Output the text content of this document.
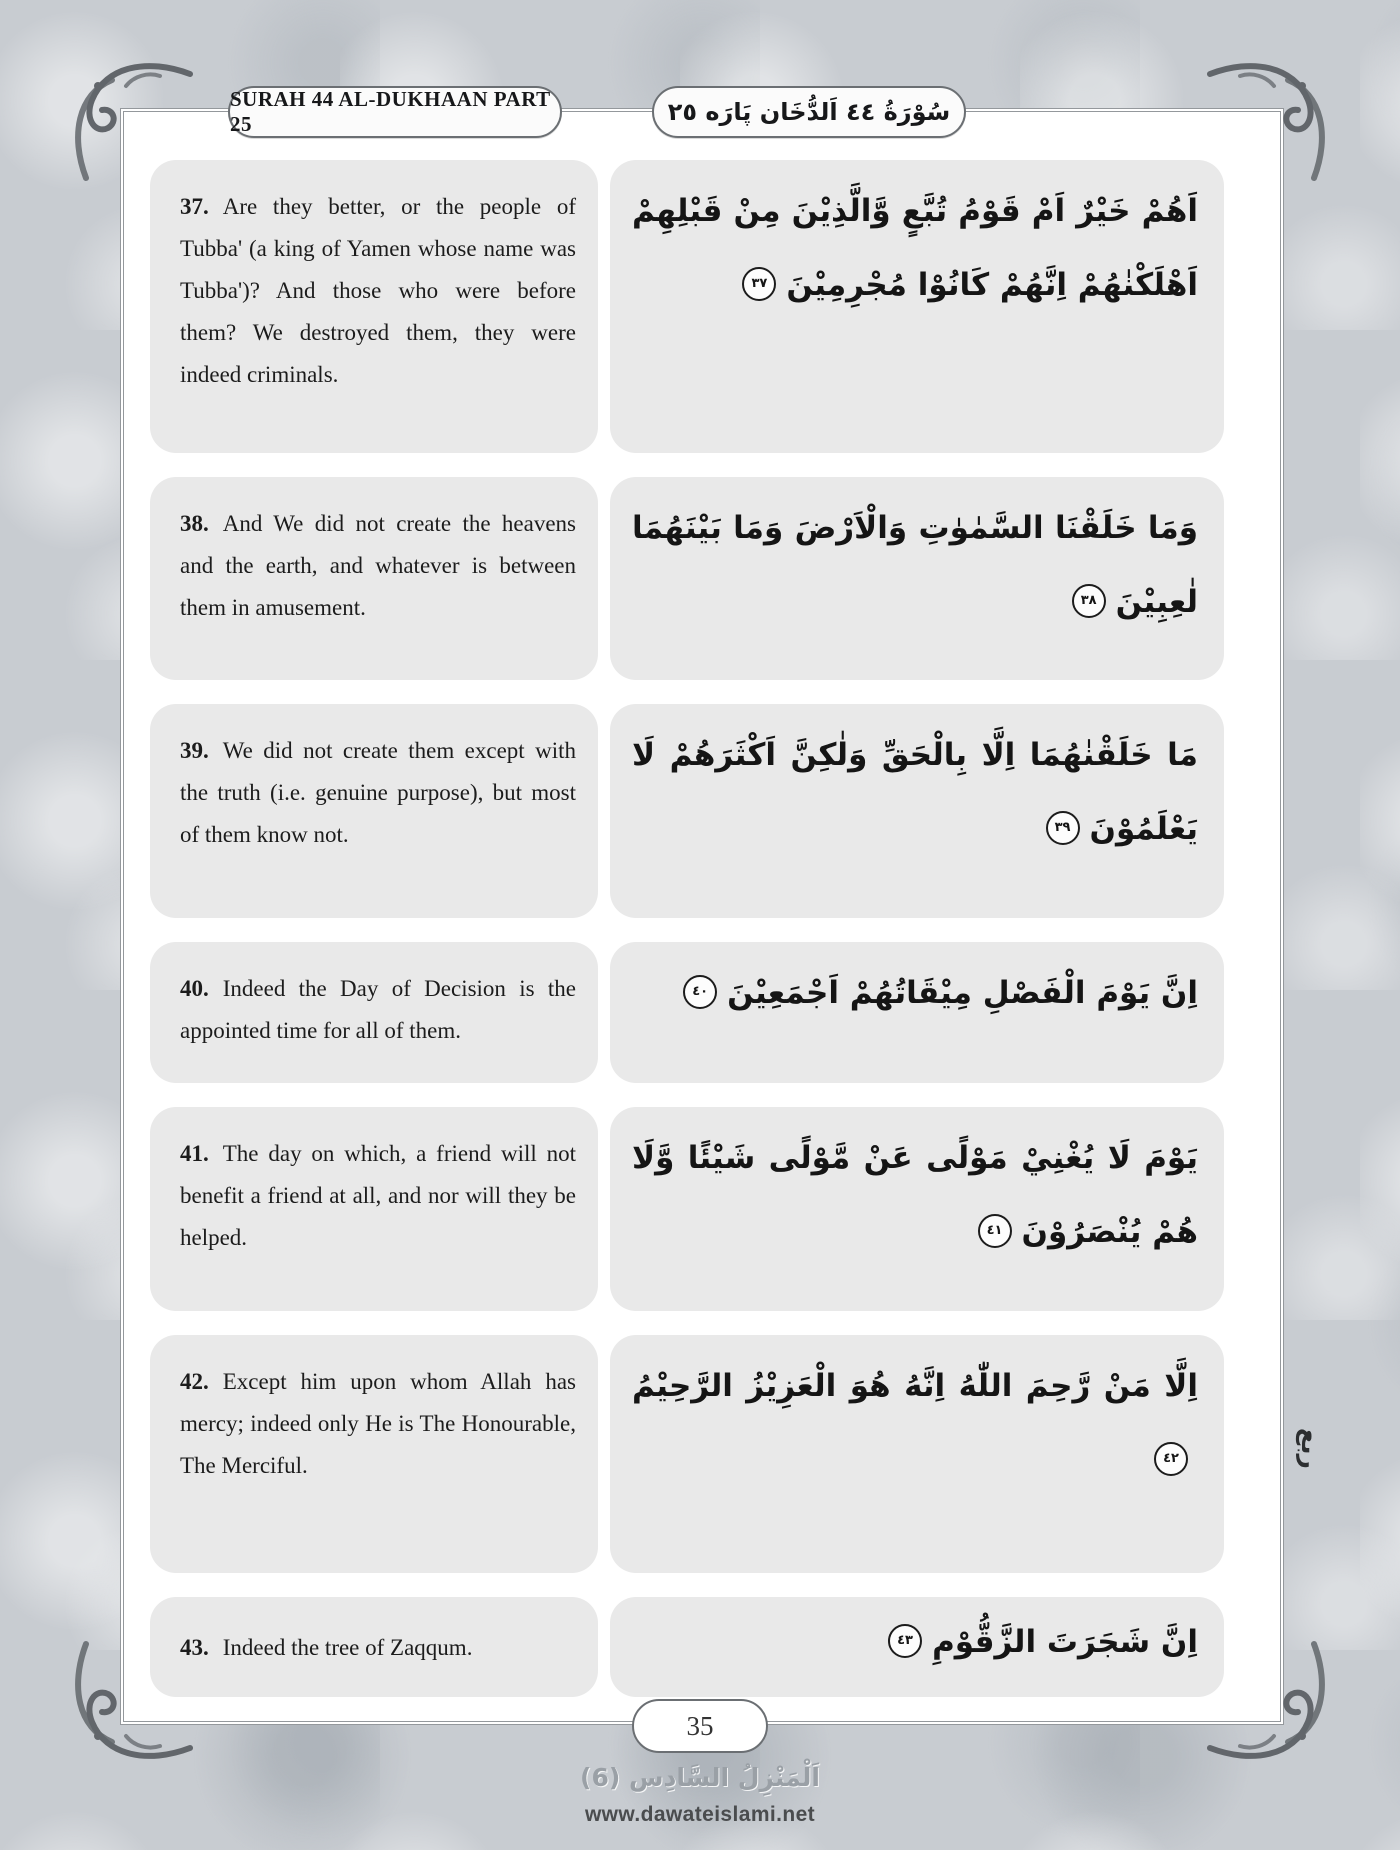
SURAH 44 AL-DUKHAAN PART 25	سُوْرَةُ ٤٤ اَلدُّخَان پَارَه ٢٥
37. Are they better, or the people of Tubba' (a king of Yamen whose name was Tubba')? And those who were before them? We destroyed them, they were indeed criminals.
اَهُمْ خَيْرٌ اَمْ قَوْمُ تُبَّعٍ وَّالَّذِيْنَ مِنْ قَبْلِهِمْ اَهْلَكْنٰهُمْ اِنَّهُمْ كَانُوْا مُجْرِمِيْنَ٣٧
38. And We did not create the heavens and the earth, and whatever is between them in amusement.
وَمَا خَلَقْنَا السَّمٰوٰتِ وَالْاَرْضَ وَمَا بَيْنَهُمَا لٰعِبِيْنَ٣٨
39. We did not create them except with the truth (i.e. genuine purpose), but most of them know not.
مَا خَلَقْنٰهُمَا اِلَّا بِالْحَقِّ وَلٰكِنَّ اَكْثَرَهُمْ لَا يَعْلَمُوْنَ٣٩
40. Indeed the Day of Decision is the appointed time for all of them.
اِنَّ يَوْمَ الْفَصْلِ مِيْقَاتُهُمْ اَجْمَعِيْنَ٤٠
41. The day on which, a friend will not benefit a friend at all, and nor will they be helped.
يَوْمَ لَا يُغْنِيْ مَوْلًى عَنْ مَّوْلًى شَيْئًا وَّلَا هُمْ يُنْصَرُوْنَ٤١
42. Except him upon whom Allah has mercy; indeed only He is The Honourable, The Merciful.
اِلَّا مَنْ رَّحِمَ اللّٰهُ اِنَّهُ هُوَ الْعَزِيْزُ الرَّحِيْمُ٤٢
43. Indeed the tree of Zaqqum.	اِنَّ شَجَرَتَ الزَّقُّوْمِ٤٣
ربع
35
اَلْمَنْزِلُ السَّادِس (6)
www.dawateislami.net
